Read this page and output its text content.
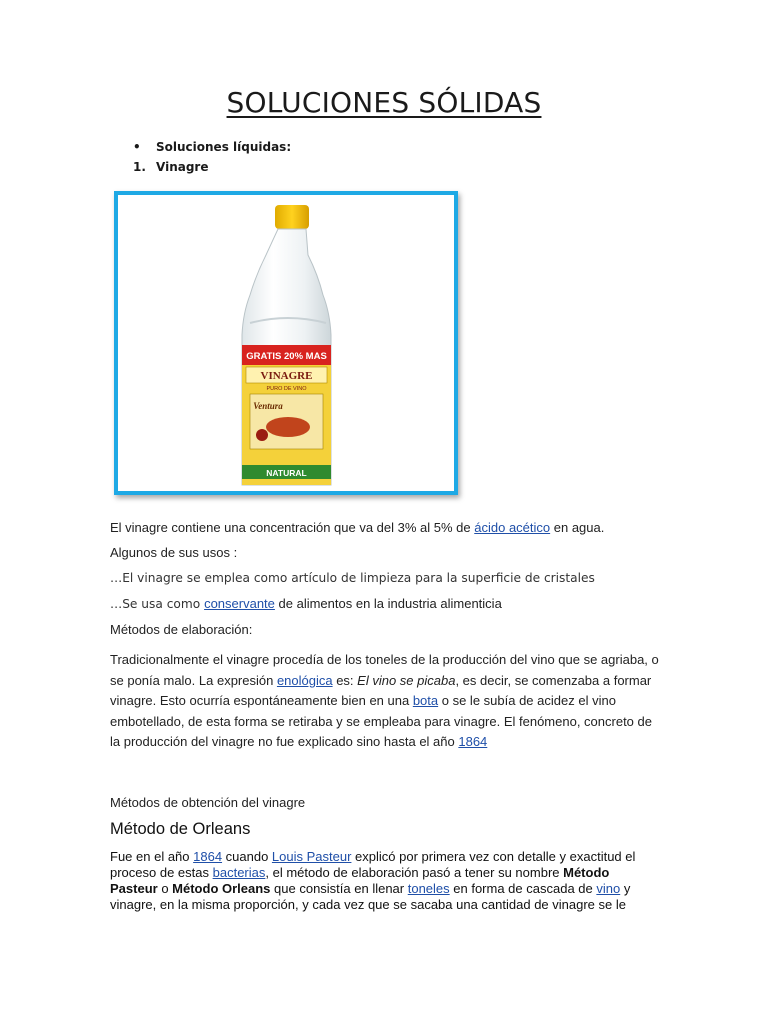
SOLUCIONES SÓLIDAS
• Soluciones líquidas:
1. Vinagre
GRATIS 20% MAS
VINAGRE
PURO DE VINO
Ventura
NATURAL
El vinagre contiene una concentración que va del 3% al 5% de ácido acético en agua.
Algunos de sus usos :
…El vinagre se emplea como artículo de limpieza para la superficie de cristales
…Se usa como conservante de alimentos en la industria alimenticia
Métodos de elaboración:
Tradicionalmente el vinagre procedía de los toneles de la producción del vino que se agriaba, o se ponía malo. La expresión enológica es: El vino se picaba, es decir, se comenzaba a formar vinagre. Esto ocurría espontáneamente bien en una bota o se le subía de acidez el vino embotellado, de esta forma se retiraba y se empleaba para vinagre. El fenómeno, concreto de la producción del vinagre no fue explicado sino hasta el año 1864
Métodos de obtención del vinagre
Método de Orleans
Fue en el año 1864 cuando Louis Pasteur explicó por primera vez con detalle y exactitud el proceso de estas bacterias, el método de elaboración pasó a tener su nombre Método Pasteur o Método Orleans que consistía en llenar toneles en forma de cascada de vino y vinagre, en la misma proporción, y cada vez que se sacaba una cantidad de vinagre se le
